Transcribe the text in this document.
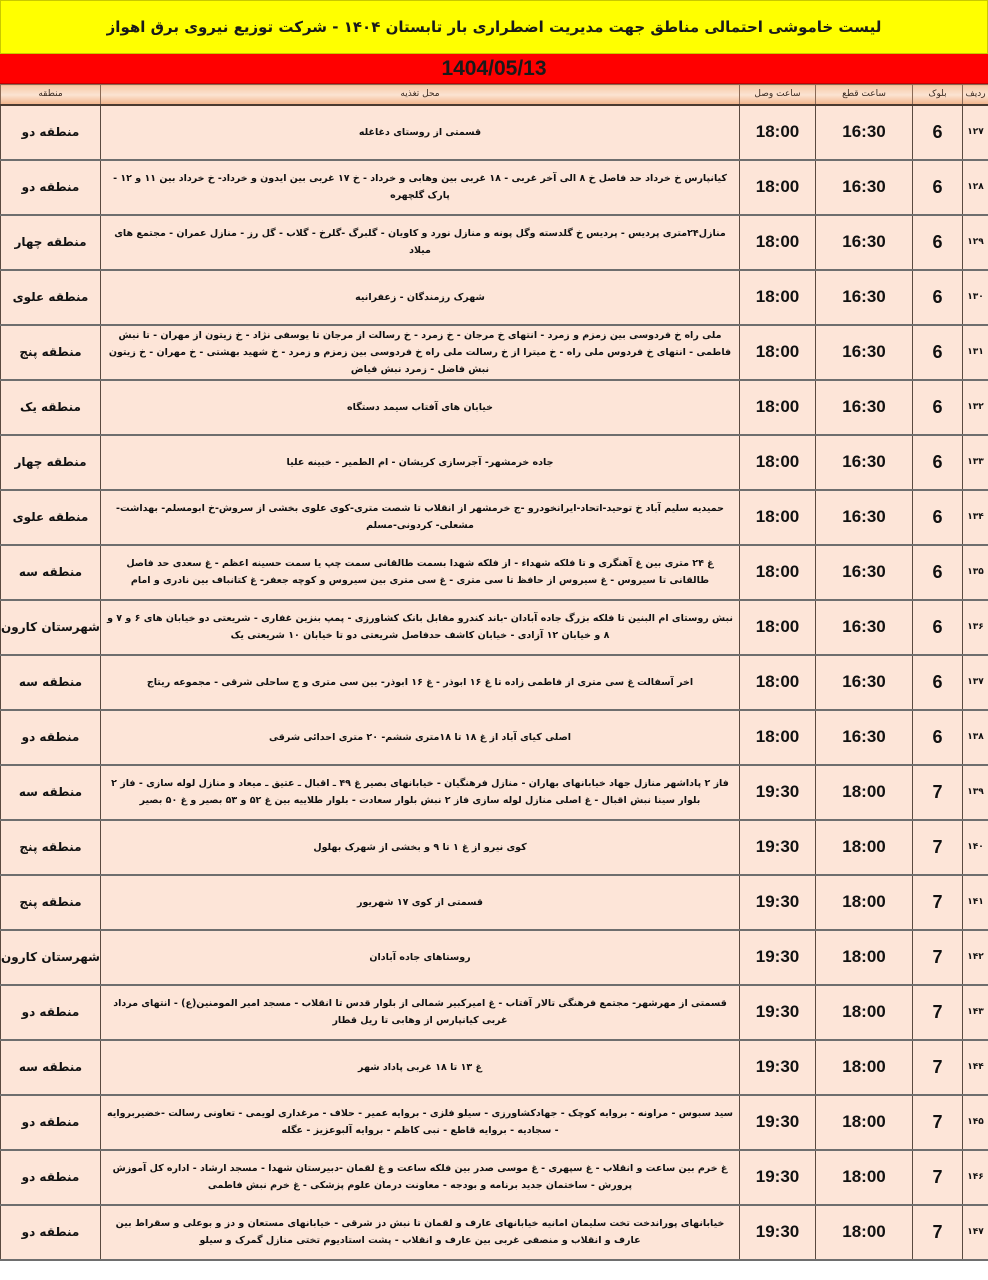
لیست خاموشی احتمالی مناطق جهت مدیریت اضطراری بار تابستان ۱۴۰۴ - شرکت توزیع نیروی برق اهواز
1404/05/13
ردیف	بلوک	ساعت قطع	ساعت وصل	محل تغذیه	منطقه
۱۲۷	6	16:30	18:00	قسمتی از روستای دغاغله	منطقه دو
۱۲۸	6	16:30	18:00	کیانپارس خ خرداد حد فاصل خ ۸ الی آخر غربی - ۱۸ غربی بین وهابی و خرداد - خ ۱۷ غربی بین ایدون و خرداد- خ خرداد بین ۱۱ و ۱۲ - پارک گلچهره	منطقه دو
۱۲۹	6	16:30	18:00	منازل۲۴متری پردیس - پردیس خ گلدسته وگل پونه و منازل نورد و کاویان - گلبرگ -گلرخ - گلاب - گل رز - منازل عمران - مجتمع های میلاد	منطقه چهار
۱۳۰	6	16:30	18:00	شهرک رزمندگان - زعفرانیه	منطقه علوی
۱۳۱	6	16:30	18:00	ملی راه خ فردوسی بین زمزم و زمرد - انتهای خ مرجان - خ زمرد - خ رسالت از مرجان تا یوسفی نژاد - خ زیتون از مهران - تا نبش فاطمی - انتهای خ فردوس ملی راه - خ میترا از خ رسالت ملی راه خ فردوسی بین زمزم و زمرد - خ شهید بهشتی - خ مهران - خ زیتون نبش فاضل - زمرد نبش فیاض	منطقه پنج
۱۳۲	6	16:30	18:00	خیابان های آفتاب سیمد دستگاه	منطقه یک
۱۳۳	6	16:30	18:00	جاده خرمشهر- آجرسازی کریشان - ام الطمیر - خبینه علیا	منطقه چهار
۱۳۴	6	16:30	18:00	حمیدیه سلیم آباد خ توحید-اتحاد-ایرانخودرو -ج خرمشهر از انقلاب تا شصت متری-کوی علوی بخشی از سروش-خ ابومسلم- بهداشت- مشعلی- کردونی-مسلم	منطقه علوی
۱۳۵	6	16:30	18:00	غ ۲۴ متری بین غ آهنگری و تا فلکه شهداء - از فلکه شهدا بسمت طالقانی سمت چپ یا سمت حسینه اعظم - غ سعدی حد فاصل طالقانی تا سیروس - غ سیروس از حافظ تا سی متری - غ سی متری بین سیروس و کوچه جعفر- غ کتانباف بین نادری و امام	منطقه سه
۱۳۶	6	16:30	18:00	نبش روستای ام البنین تا فلکه بزرگ جاده آبادان -باند کندرو مقابل بانک کشاورزی - پمپ بنزین غفاری - شریعتی دو خیابان های ۶ و ۷ و ۸ و خیابان ۱۲ آزادی - خیابان کاشف حدفاصل شریعتی دو تا خیابان ۱۰ شریعتی یک	شهرستان کارون
۱۳۷	6	16:30	18:00	اخر آسفالت غ سی متری از فاطمی زاده تا غ ۱۶ ابوذر - غ ۱۶ ابوذر- بین سی متری و ج ساحلی شرقی - مجموعه ریتاج	منطقه سه
۱۳۸	6	16:30	18:00	اصلی کیای آباد از غ ۱۸ تا ۱۸متری ششم- ۲۰ متری احدائی شرقی	منطقه دو
۱۳۹	7	18:00	19:30	فاز ۲ پاداشهر منازل جهاد خیابانهای بهاران - منازل فرهنگیان - خیابانهای بصیر غ ۴۹ ـ اقبال ـ عتیق ـ میعاد و منازل لوله سازی - فاز ۲ بلوار سینا نبش اقبال - غ اصلی منازل لوله سازی فاز ۲ نبش بلوار سعادت - بلوار طلاییه بین غ ۵۲ و ۵۳ بصیر و غ ۵۰ بصیر	منطقه سه
۱۴۰	7	18:00	19:30	کوی نیرو از غ ۱ تا ۹ و بخشی از شهرک بهلول	منطقه پنج
۱۴۱	7	18:00	19:30	قسمتی از کوی ۱۷ شهریور	منطقه پنج
۱۴۲	7	18:00	19:30	روستاهای جاده آبادان	شهرستان کارون
۱۴۳	7	18:00	19:30	قسمتی از مهرشهر- مجتمع فرهنگی تالار آفتاب - غ امیرکبیر شمالی از بلوار قدس تا انقلاب - مسجد امیر المومنین(ع) - انتهای مرداد غربی کیانپارس از وهابی تا ریل قطار	منطقه دو
۱۴۴	7	18:00	19:30	غ ۱۳ تا ۱۸ غربی پاداد شهر	منطقه سه
۱۴۵	7	18:00	19:30	سید سبوس - مراونه - بروایه کوچک - جهادکشاورزی - سیلو فلزی - بروایه عمیر - حلاف - مرغداری لویمی - تعاونی رسالت -خضیربروایه - سجادیه - بروایه قاطع - نبی کاظم - بروایه آلبوعزیز - عگله	منطقه دو
۱۴۶	7	18:00	19:30	غ خرم بین ساعت و انقلاب - غ سپهری - غ موسی صدر بین فلکه ساعت و غ لقمان -دبیرستان شهدا - مسجد ارشاد - اداره کل آموزش پرورش - ساختمان جدید برنامه و بودجه - معاونت درمان علوم پزشکی - غ خرم نبش فاطمی	منطقه دو
۱۴۷	7	18:00	19:30	خیابانهای پوراندخت تخت سلیمان امانیه خیابانهای عارف و لقمان تا نبش دز شرقی - خیابانهای مستعان و دز و بوعلی و سقراط بین عارف و انقلاب و منصفی غربی بین عارف و انقلاب - پشت استادیوم تختی منازل گمرک و سیلو	منطقه دو
